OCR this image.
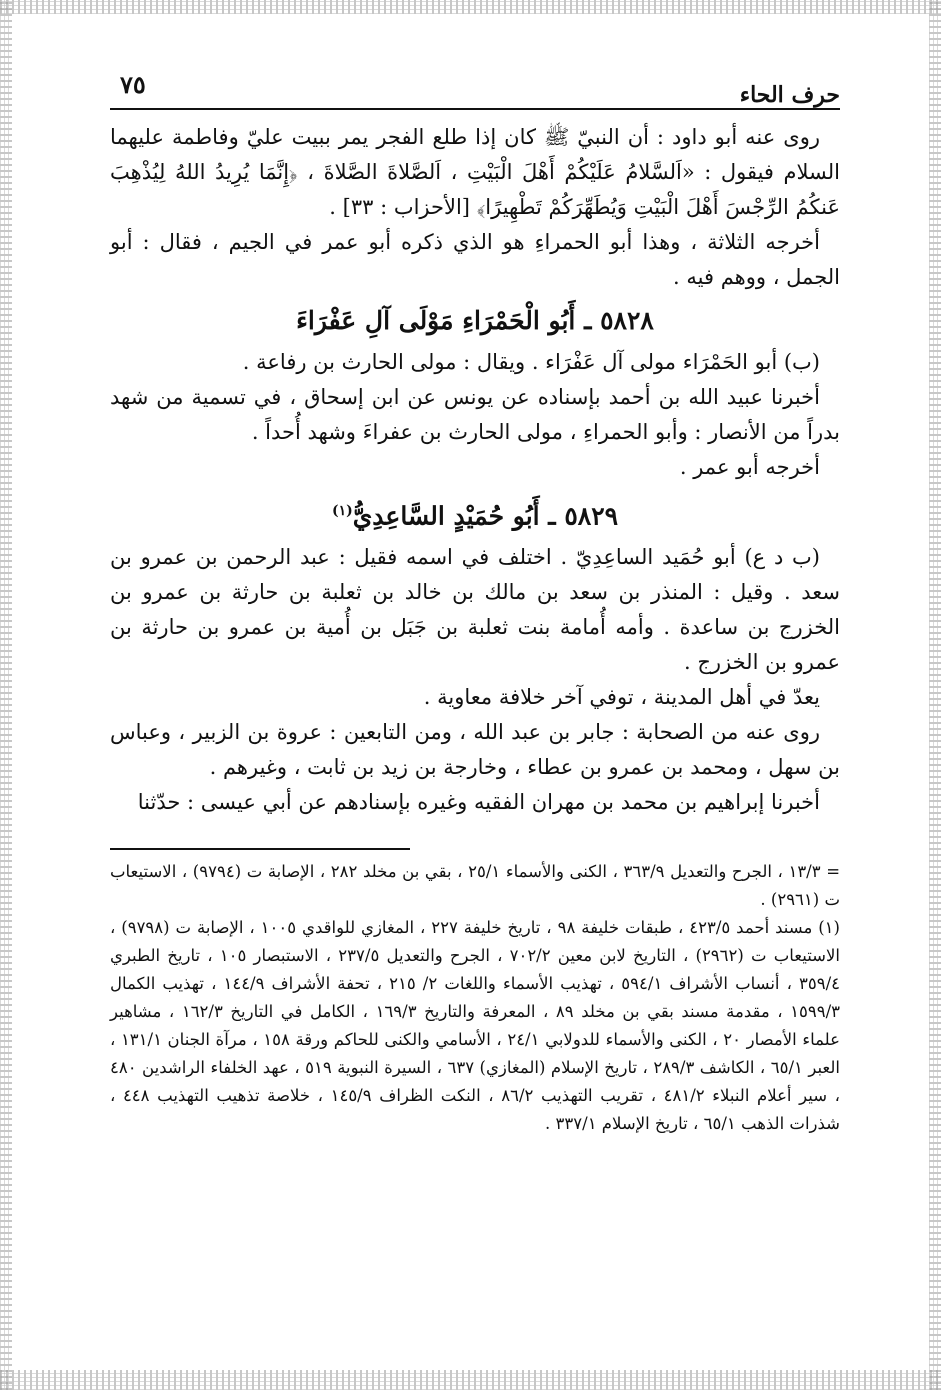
حرف الحاء
٧٥

روى عنه أبو داود : أن النبيّ ﷺ كان إذا طلع الفجر يمر ببيت عليّ وفاطمة عليهما السلام فيقول : «اَلسَّلامُ عَلَيْكُمْ أَهْلَ الْبَيْتِ ، اَلصَّلاةَ الصَّلاةَ ، ﴿إِنَّمَا يُرِيدُ اللهُ لِيُذْهِبَ عَنكُمُ الرِّجْسَ أَهْلَ الْبَيْتِ وَيُطَهِّرَكُمْ تَطْهِيرًا﴾ [الأحزاب : ٣٣] .

أخرجه الثلاثة ، وهذا أبو الحمراءِ هو الذي ذكره أبو عمر في الجيم ، فقال : أبو الجمل ، ووهم فيه .

٥٨٢٨ ـ أَبُو الْحَمْرَاءِ مَوْلَى آلِ عَفْرَاءَ

(ب) أبو الحَمْرَاء مولى آل عَفْرَاء . ويقال : مولى الحارث بن رفاعة .

أخبرنا عبيد الله بن أحمد بإسناده عن يونس عن ابن إسحاق ، في تسمية من شهد بدراً من الأنصار : وأبو الحمراءِ ، مولى الحارث بن عفراءَ وشهد أُحداً .

أخرجه أبو عمر .

٥٨٢٩ ـ أَبُو حُمَيْدٍ السَّاعِدِيُّ$^{(١)}$

(ب د ع) أبو حُمَيد الساعِدِيّ . اختلف في اسمه فقيل : عبد الرحمن بن عمرو بن سعد . وقيل : المنذر بن سعد بن مالك بن خالد بن ثعلبة بن حارثة بن عمرو بن الخزرج بن ساعدة . وأمه أُمامة بنت ثعلبة بن جَبَل بن أُمية بن عمرو بن حارثة بن عمرو بن الخزرج .

يعدّ في أهل المدينة ، توفي آخر خلافة معاوية .

روى عنه من الصحابة : جابر بن عبد الله ، ومن التابعين : عروة بن الزبير ، وعباس بن سهل ، ومحمد بن عمرو بن عطاء ، وخارجة بن زيد بن ثابت ، وغيرهم .

أخبرنا إبراهيم بن محمد بن مهران الفقيه وغيره بإسنادهم عن أبي عيسى : حدّثنا

= ١٣/٣ ، الجرح والتعديل ٣٦٣/٩ ، الكنى والأسماء ٢٥/١ ، بقي بن مخلد ٢٨٢ ، الإصابة ت (٩٧٩٤) ، الاستيعاب ت (٢٩٦١) .

(١) مسند أحمد ٤٢٣/٥ ، طبقات خليفة ٩٨ ، تاريخ خليفة ٢٢٧ ، المغازي للواقدي ١٠٠٥ ، الإصابة ت (٩٧٩٨) ، الاستيعاب ت (٢٩٦٢) ، التاريخ لابن معين ٧٠٢/٢ ، الجرح والتعديل ٢٣٧/٥ ، الاستبصار ١٠٥ ، تاريخ الطبري ٣٥٩/٤ ، أنساب الأشراف ٥٩٤/١ ، تهذيب الأسماء واللغات ٢/ ٢١٥ ، تحفة الأشراف ١٤٤/٩ ، تهذيب الكمال ١٥٩٩/٣ ، مقدمة مسند بقي بن مخلد ٨٩ ، المعرفة والتاريخ ١٦٩/٣ ، الكامل في التاريخ ١٦٢/٣ ، مشاهير علماء الأمصار ٢٠ ، الكنى والأسماء للدولابي ٢٤/١ ، الأسامي والكنى للحاكم ورقة ١٥٨ ، مرآة الجنان ١٣١/١ ، العبر ٦٥/١ ، الكاشف ٢٨٩/٣ ، تاريخ الإسلام (المغازي) ٦٣٧ ، السيرة النبوية ٥١٩ ، عهد الخلفاء الراشدين ٤٨٠ ، سير أعلام النبلاء ٤٨١/٢ ، تقريب التهذيب ٨٦/٢ ، النكت الظراف ١٤٥/٩ ، خلاصة تذهيب التهذيب ٤٤٨ ، شذرات الذهب ٦٥/١ ، تاريخ الإسلام ٣٣٧/١ .
